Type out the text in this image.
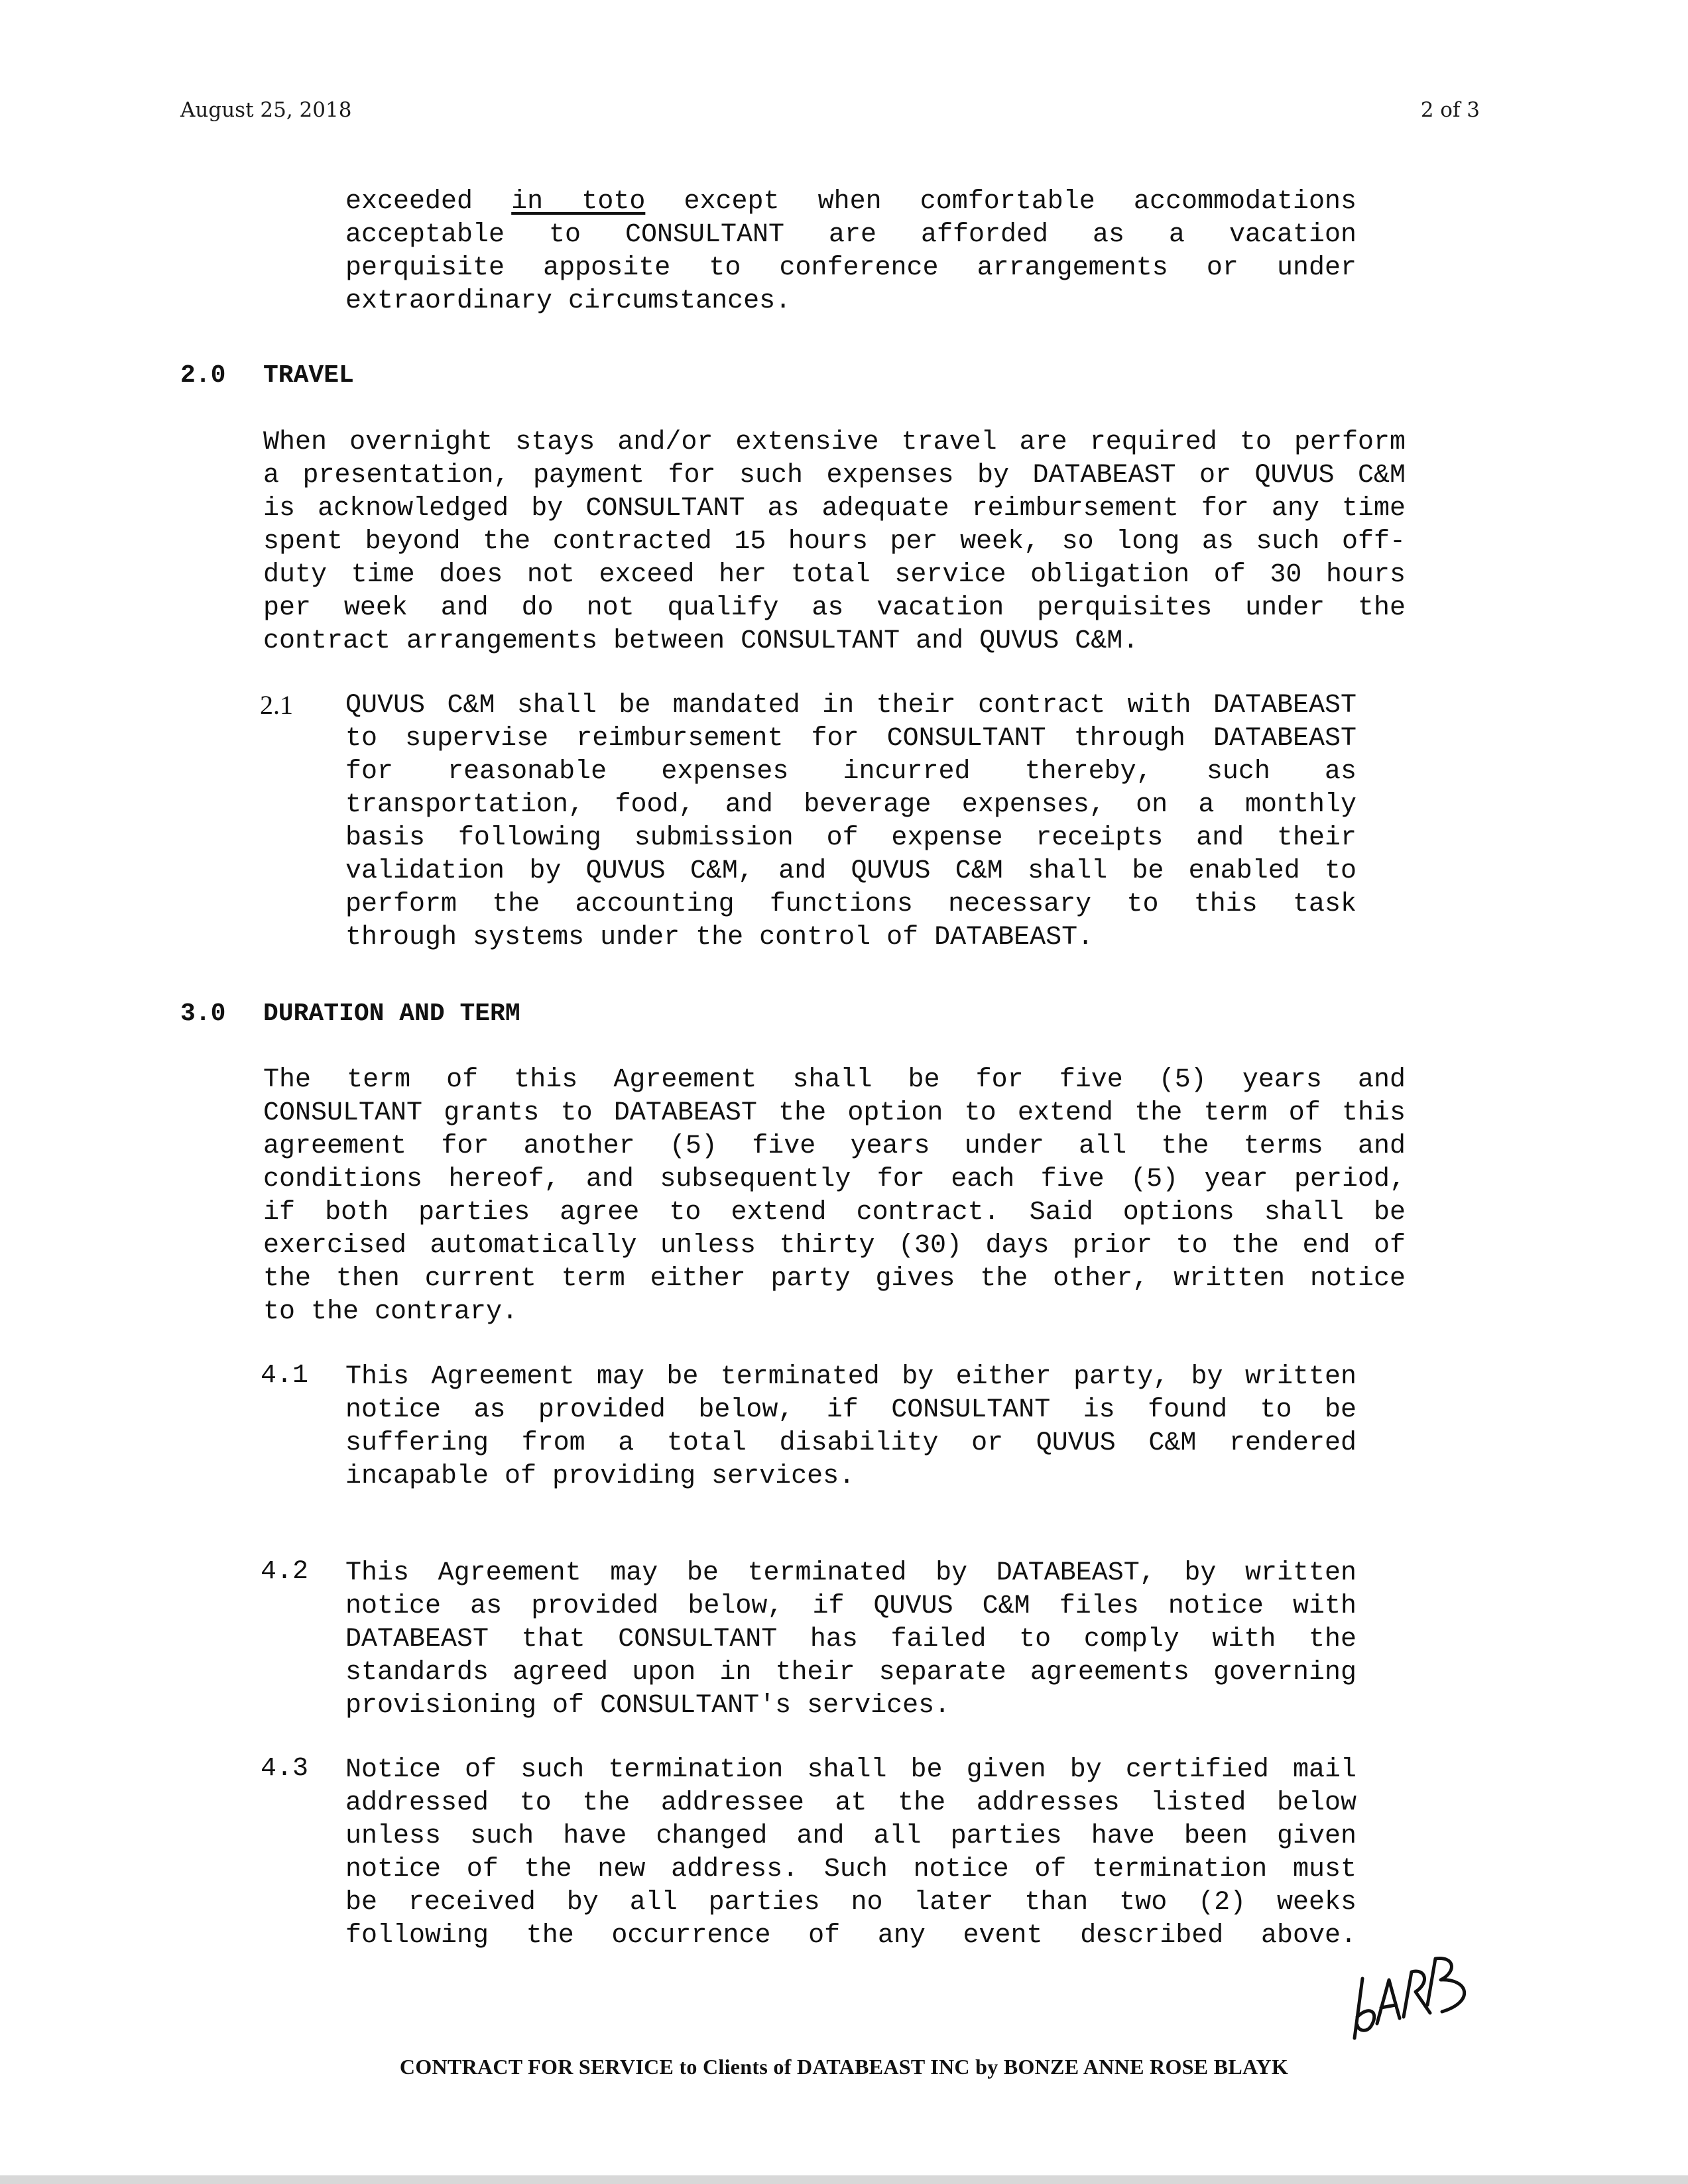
August 25, 2018	2 of 3
exceeded in toto except when comfortable accommodations
acceptable to CONSULTANT are afforded as a vacation
perquisite apposite to conference arrangements or under
extraordinary circumstances.
2.0 TRAVEL
When overnight stays and/or extensive travel are required to perform
a presentation, payment for such expenses by DATABEAST or QUVUS C&M
is acknowledged by CONSULTANT as adequate reimbursement for any time
spent beyond the contracted 15 hours per week, so long as such off-
duty time does not exceed her total service obligation of 30 hours
per week and do not qualify as vacation perquisites under the
contract arrangements between CONSULTANT and QUVUS C&M.
2.1 QUVUS C&M shall be mandated in their contract with DATABEAST
to supervise reimbursement for CONSULTANT through DATABEAST
for reasonable expenses incurred thereby, such as
transportation, food, and beverage expenses, on a monthly
basis following submission of expense receipts and their
validation by QUVUS C&M, and QUVUS C&M shall be enabled to
perform the accounting functions necessary to this task
through systems under the control of DATABEAST.
3.0 DURATION AND TERM
The term of this Agreement shall be for five (5) years and
CONSULTANT grants to DATABEAST the option to extend the term of this
agreement for another (5) five years under all the terms and
conditions hereof, and subsequently for each five (5) year period,
if both parties agree to extend contract. Said options shall be
exercised automatically unless thirty (30) days prior to the end of
the then current term either party gives the other, written notice
to the contrary.
4.1 This Agreement may be terminated by either party, by written
notice as provided below, if CONSULTANT is found to be
suffering from a total disability or QUVUS C&M rendered
incapable of providing services.
4.2 This Agreement may be terminated by DATABEAST, by written
notice as provided below, if QUVUS C&M files notice with
DATABEAST that CONSULTANT has failed to comply with the
standards agreed upon in their separate agreements governing
provisioning of CONSULTANT's services.
4.3 Notice of such termination shall be given by certified mail
addressed to the addressee at the addresses listed below
unless such have changed and all parties have been given
notice of the new address. Such notice of termination must
be received by all parties no later than two (2) weeks
following the occurrence of any event described above.
CONTRACT FOR SERVICE to Clients of DATABEAST INC by BONZE ANNE ROSE BLAYK
